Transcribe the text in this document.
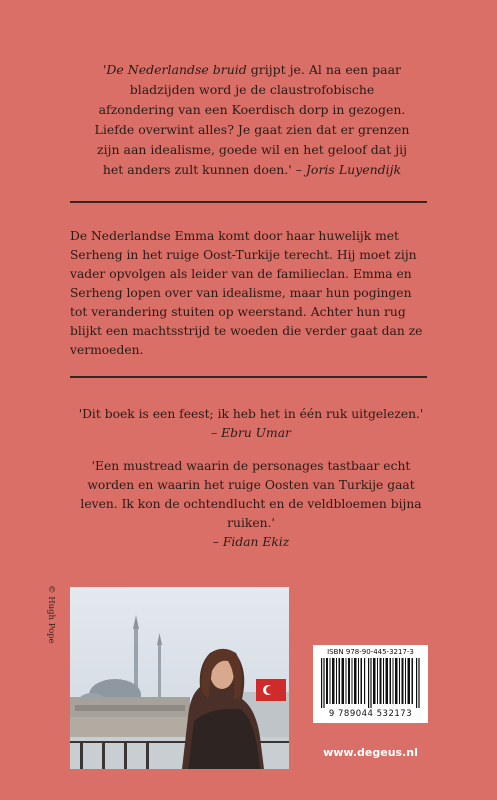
'De Nederlandse bruid grijpt je. Al na een paar bladzijden word je de claustrofobische afzondering van een Koerdisch dorp in gezogen. Liefde overwint alles? Je gaat zien dat er grenzen zijn aan idealisme, goede wil en het geloof dat jij het anders zult kunnen doen.' – Joris Luyendijk
De Nederlandse Emma komt door haar huwelijk met Serheng in het ruige Oost-Turkije terecht. Hij moet zijn vader opvolgen als leider van de familieclan. Emma en Serheng lopen over van idealisme, maar hun pogingen tot verandering stuiten op weerstand. Achter hun rug blijkt een machtsstrijd te woeden die verder gaat dan ze vermoeden.
'Dit boek is een feest; ik heb het in één ruk uitgelezen.'
– Ebru Umar
'Een mustread waarin de personages tastbaar echt worden en waarin het ruige Oosten van Turkije gaat leven. Ik kon de ochtendlucht en de veldbloemen bijna ruiken.'
– Fidan Ekiz
© Hugh Pope
ISBN 978-90-445-3217-3
9 789044 532173
www.degeus.nl
